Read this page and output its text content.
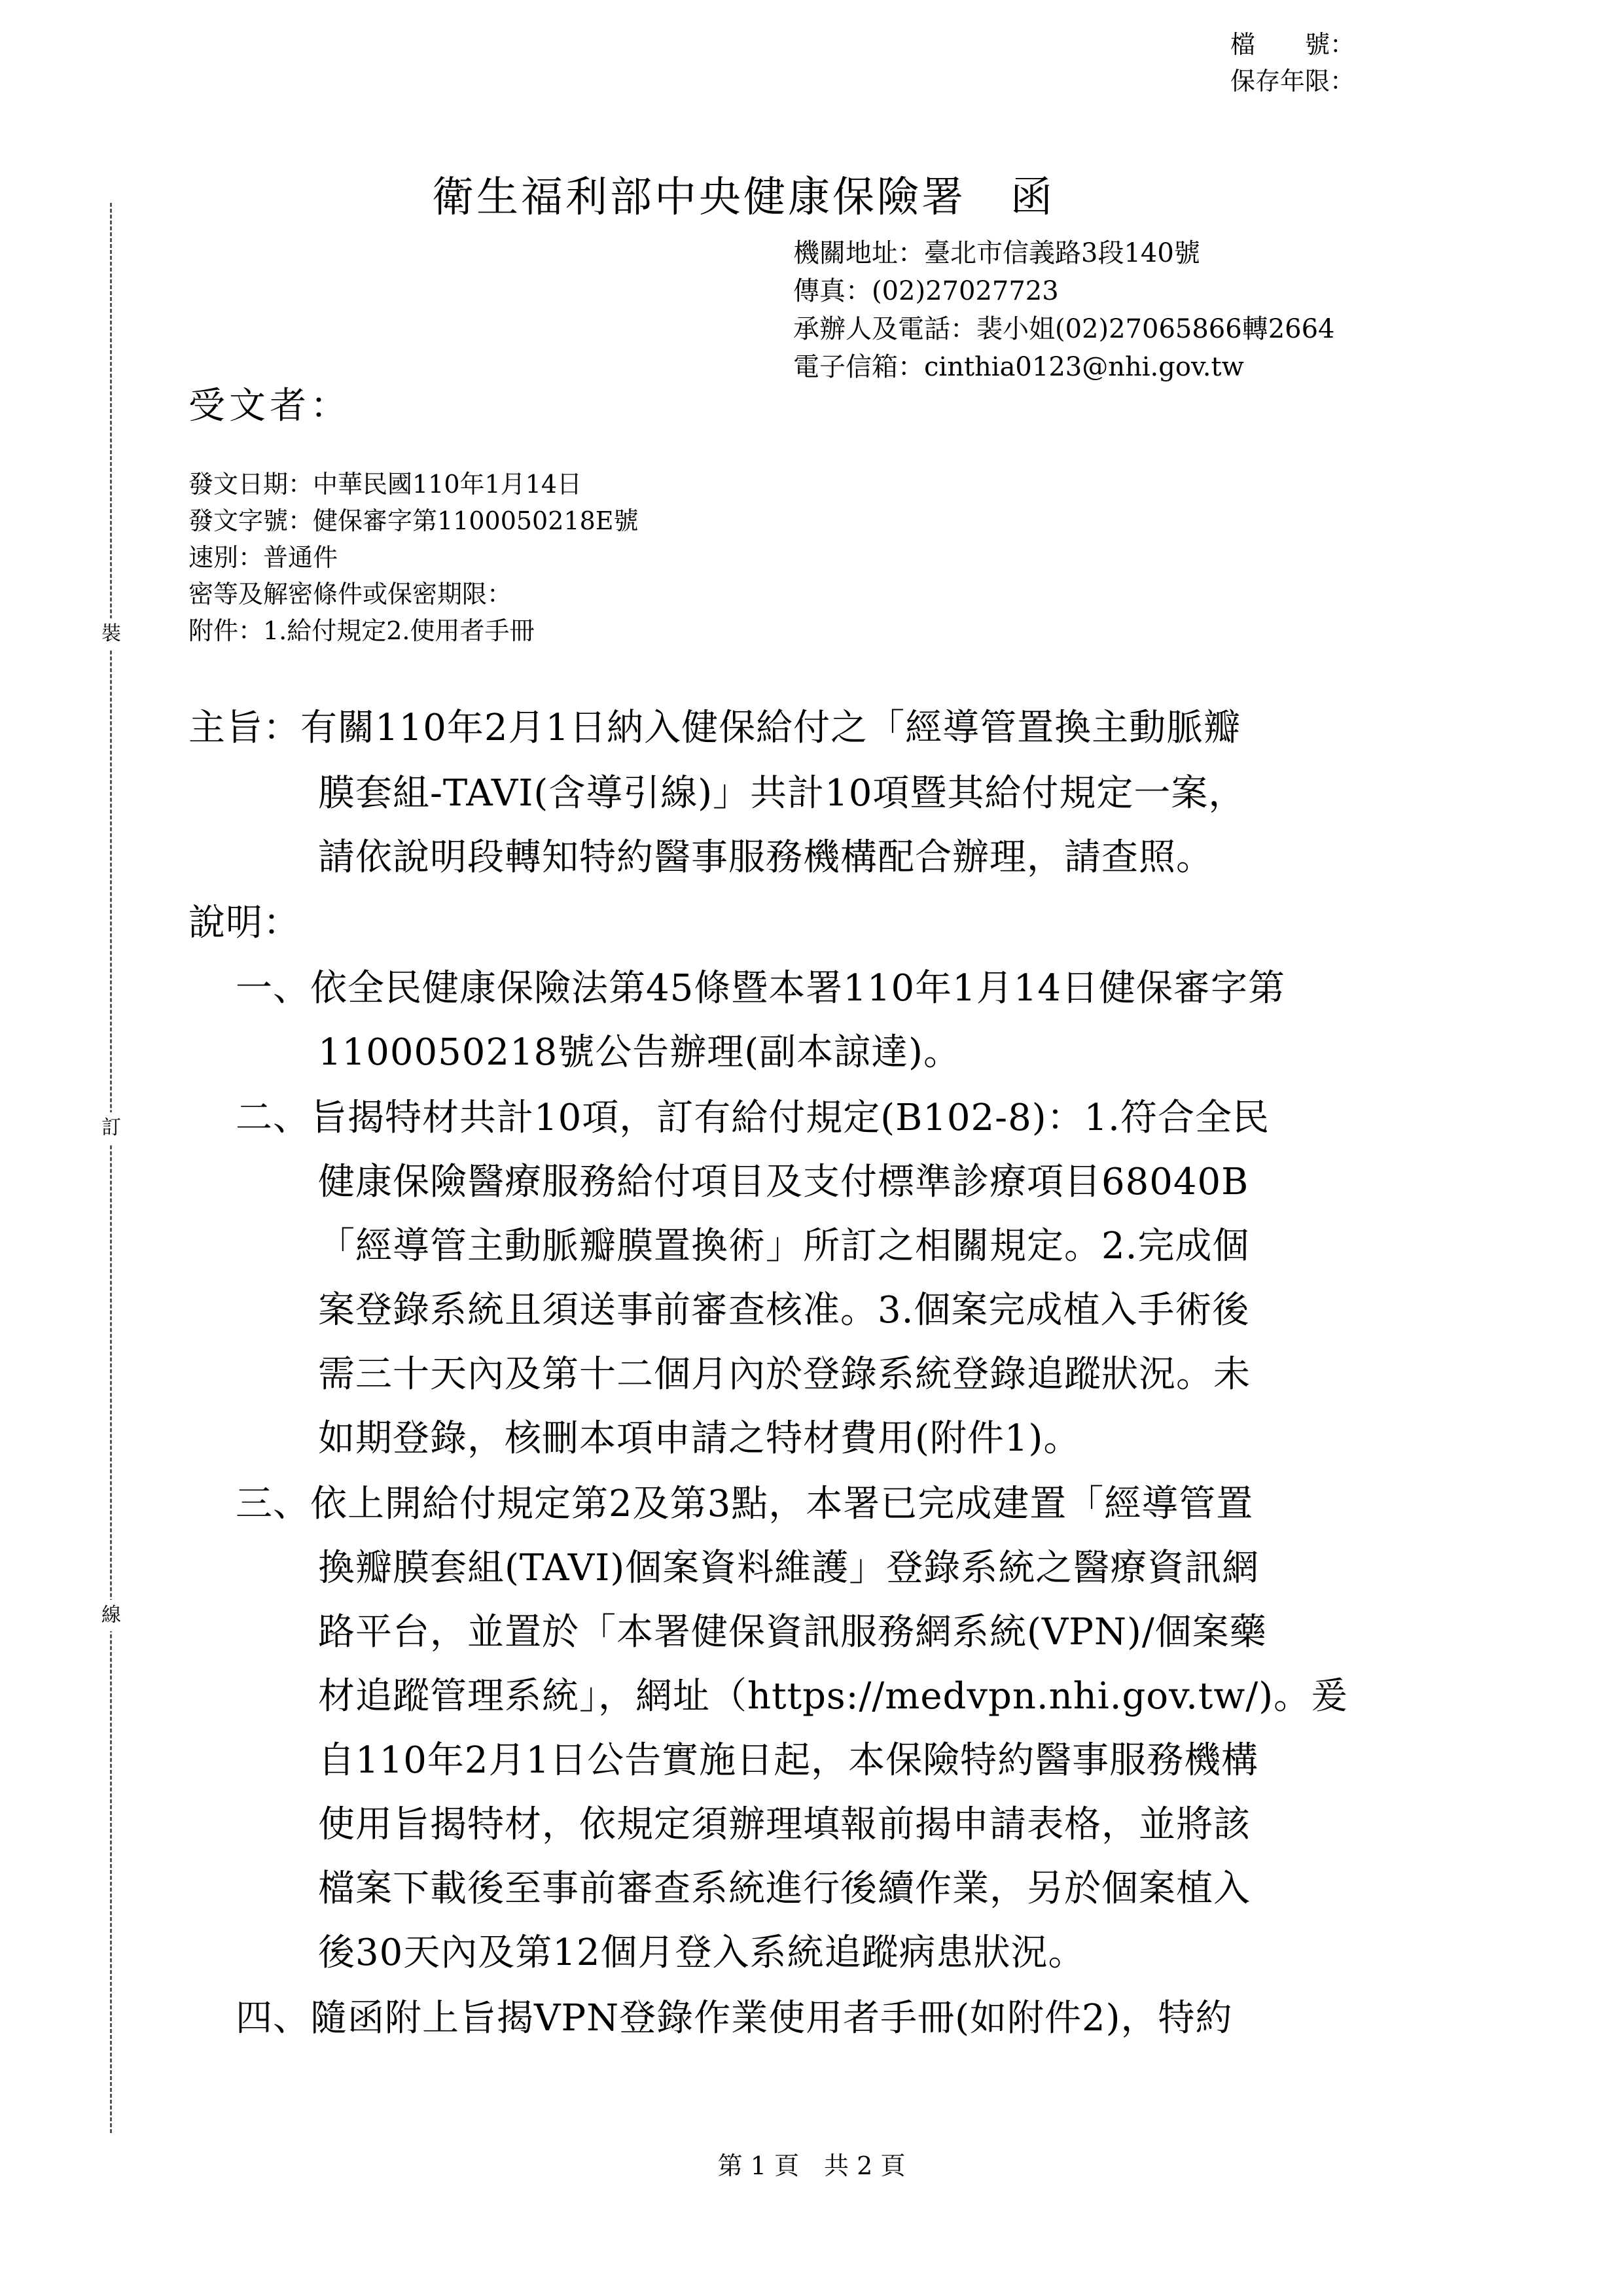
裝
訂
線
檔　　號：
保存年限：
衛生福利部中央健康保險署　函
機關地址：臺北市信義路3段140號
傳真：(02)27027723
承辦人及電話：裴小姐(02)27065866轉2664
電子信箱：cinthia0123@nhi.gov.tw
受文者：
發文日期：中華民國110年1月14日
發文字號：健保審字第1100050218E號
速別：普通件
密等及解密條件或保密期限：
附件：1.給付規定2.使用者手冊
主旨：有關110年2月1日納入健保給付之「經導管置換主動脈瓣
膜套組-TAVI(含導引線)」共計10項暨其給付規定一案，
請依說明段轉知特約醫事服務機構配合辦理，請查照。
說明：
一、依全民健康保險法第45條暨本署110年1月14日健保審字第
1100050218號公告辦理(副本諒達)。
二、旨揭特材共計10項，訂有給付規定(B102-8)：1.符合全民
健康保險醫療服務給付項目及支付標準診療項目68040B
「經導管主動脈瓣膜置換術」所訂之相關規定。2.完成個
案登錄系統且須送事前審查核准。3.個案完成植入手術後
需三十天內及第十二個月內於登錄系統登錄追蹤狀況。未
如期登錄，核刪本項申請之特材費用(附件1)。
三、依上開給付規定第2及第3點，本署已完成建置「經導管置
換瓣膜套組(TAVI)個案資料維護」登錄系統之醫療資訊網
路平台，並置於「本署健保資訊服務網系統(VPN)/個案藥
材追蹤管理系統」，網址（https://medvpn.nhi.gov.tw/)。爰
自110年2月1日公告實施日起，本保險特約醫事服務機構
使用旨揭特材，依規定須辦理填報前揭申請表格，並將該
檔案下載後至事前審查系統進行後續作業，另於個案植入
後30天內及第12個月登入系統追蹤病患狀況。
四、隨函附上旨揭VPN登錄作業使用者手冊(如附件2)，特約
第 1 頁　共 2 頁
